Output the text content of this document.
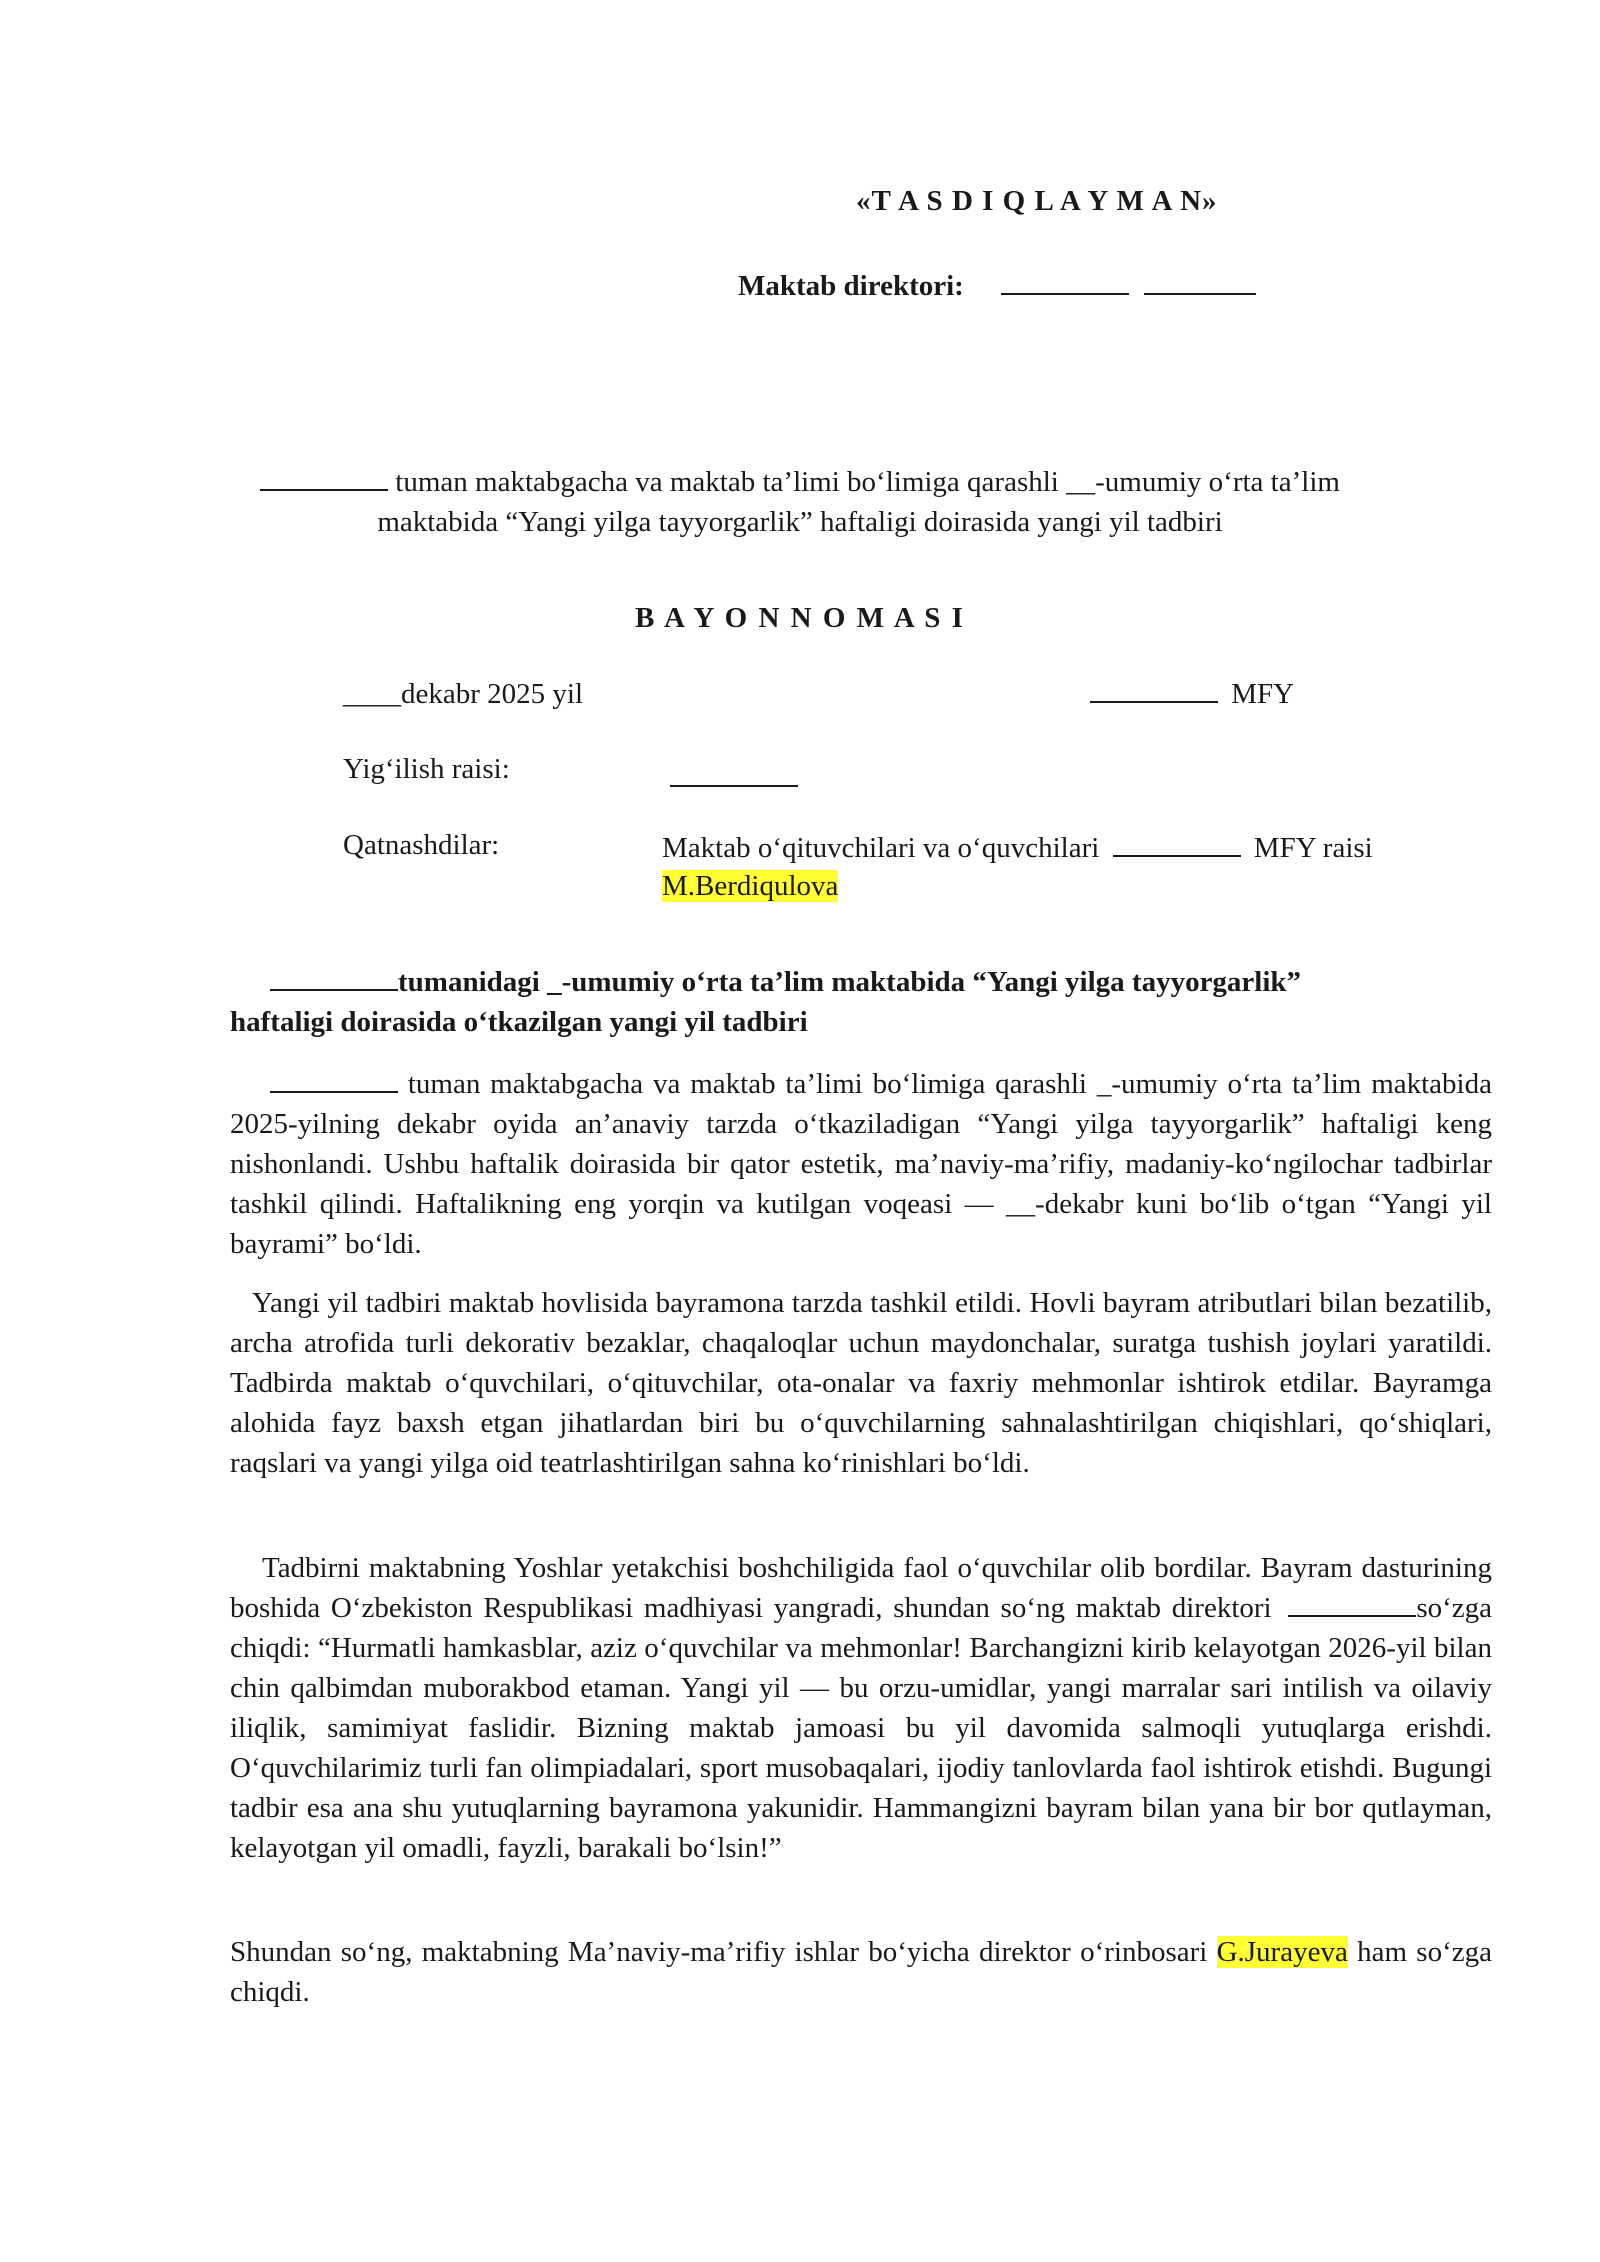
«T A S D I Q L A Y M A N»
Maktab direktori:
tuman maktabgacha va maktab ta’limi bo‘limiga qarashli __-umumiy o‘rta ta’lim
maktabida “Yangi yilga tayyorgarlik” haftaligi doirasida yangi yil tadbiri
B A Y O N N O M A S I
____dekabr 2025 yil	MFY
Yig‘ilish raisi:
Qatnashdilar:	Maktab o‘qituvchilari va o‘quvchilari	MFY raisi
M.Berdiqulova
tumanidagi _-umumiy o‘rta ta’lim maktabida “Yangi yilga tayyorgarlik”
haftaligi doirasida o‘tkazilgan yangi yil tadbiri

tuman maktabgacha va maktab ta’limi bo‘limiga qarashli _-umumiy o‘rta ta’lim maktabida 2025-yilning dekabr oyida an’anaviy tarzda o‘tkaziladigan “Yangi yilga tayyorgarlik” haftaligi keng nishonlandi. Ushbu haftalik doirasida bir qator estetik, ma’naviy-ma’rifiy, madaniy-ko‘ngilochar tadbirlar tashkil qilindi. Haftalikning eng yorqin va kutilgan voqeasi — __-dekabr kuni bo‘lib o‘tgan “Yangi yil bayrami” bo‘ldi.

Yangi yil tadbiri maktab hovlisida bayramona tarzda tashkil etildi. Hovli bayram atributlari bilan bezatilib, archa atrofida turli dekorativ bezaklar, chaqaloqlar uchun maydonchalar, suratga tushish joylari yaratildi. Tadbirda maktab o‘quvchilari, o‘qituvchilar, ota-onalar va faxriy mehmonlar ishtirok etdilar. Bayramga alohida fayz baxsh etgan jihatlardan biri bu o‘quvchilarning sahnalashtirilgan chiqishlari, qo‘shiqlari, raqslari va yangi yilga oid teatrlashtirilgan sahna ko‘rinishlari bo‘ldi.

Tadbirni maktabning Yoshlar yetakchisi boshchiligida faol o‘quvchilar olib bordilar. Bayram dasturining boshida O‘zbekiston Respublikasi madhiyasi yangradi, shundan so‘ng maktab direktori	so‘zga chiqdi: “Hurmatli hamkasblar, aziz o‘quvchilar va mehmonlar! Barchangizni kirib kelayotgan 2026-yil bilan chin qalbimdan muborakbod etaman. Yangi yil — bu orzu-umidlar, yangi marralar sari intilish va oilaviy iliqlik, samimiyat faslidir. Bizning maktab jamoasi bu yil davomida salmoqli yutuqlarga erishdi. O‘quvchilarimiz turli fan olimpiadalari, sport musobaqalari, ijodiy tanlovlarda faol ishtirok etishdi. Bugungi tadbir esa ana shu yutuqlarning bayramona yakunidir. Hammangizni bayram bilan yana bir bor qutlayman, kelayotgan yil omadli, fayzli, barakali bo‘lsin!”

Shundan so‘ng, maktabning Ma’naviy-ma’rifiy ishlar bo‘yicha direktor o‘rinbosari G.Jurayeva ham so‘zga chiqdi.
